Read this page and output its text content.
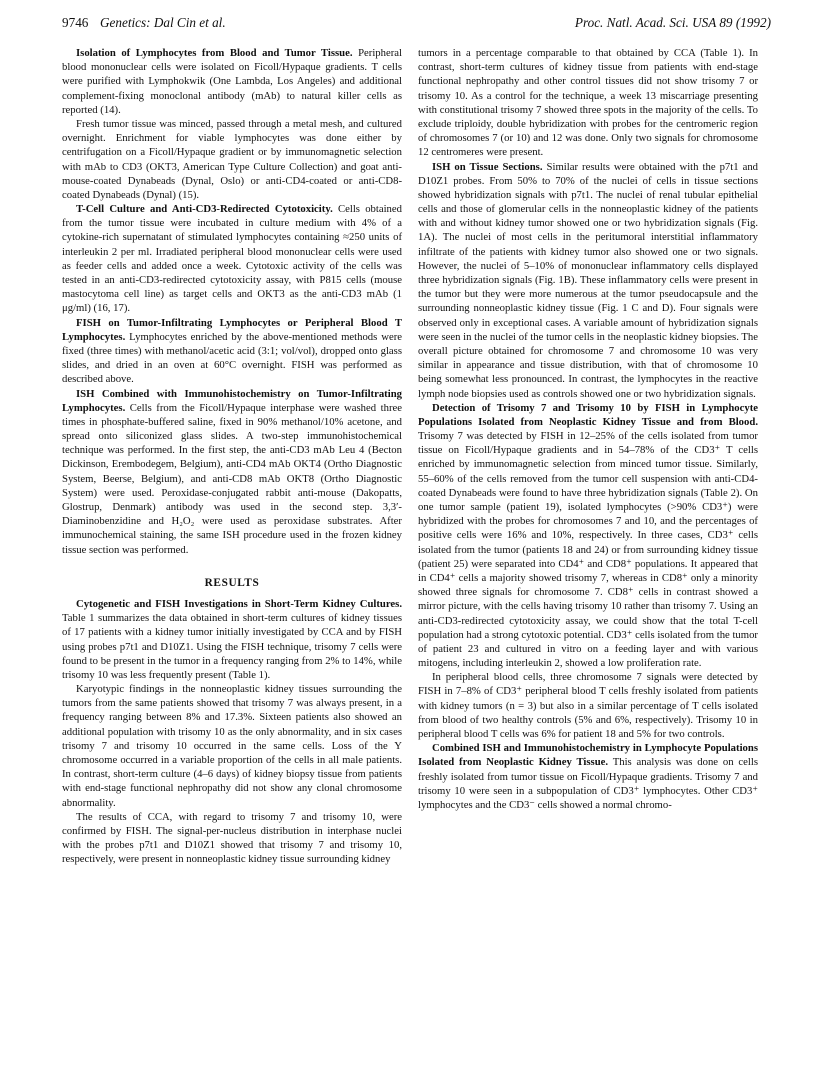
9746 Genetics: Dal Cin et al.	Proc. Natl. Acad. Sci. USA 89 (1992)

Isolation of Lymphocytes from Blood and Tumor Tissue. Peripheral blood mononuclear cells were isolated on Ficoll/Hypaque gradients. T cells were purified with Lymphokwik (One Lambda, Los Angeles) and additional complement-fixing monoclonal antibody (mAb) to natural killer cells as reported (14).

Fresh tumor tissue was minced, passed through a metal mesh, and cultured overnight. Enrichment for viable lymphocytes was done either by centrifugation on a Ficoll/Hypaque gradient or by immunomagnetic selection with mAb to CD3 (OKT3, American Type Culture Collection) and goat anti-mouse-coated Dynabeads (Dynal, Oslo) or anti-CD4-coated or anti-CD8-coated Dynabeads (Dynal) (15).

T-Cell Culture and Anti-CD3-Redirected Cytotoxicity. Cells obtained from the tumor tissue were incubated in culture medium with 4% of a cytokine-rich supernatant of stimulated lymphocytes containing ≈250 units of interleukin 2 per ml. Irradiated peripheral blood mononuclear cells were used as feeder cells and added once a week. Cytotoxic activity of the cells was tested in an anti-CD3-redirected cytotoxicity assay, with P815 cells (mouse mastocytoma cell line) as target cells and OKT3 as the anti-CD3 mAb (1 μg/ml) (16, 17).

FISH on Tumor-Infiltrating Lymphocytes or Peripheral Blood T Lymphocytes. Lymphocytes enriched by the above-mentioned methods were fixed (three times) with methanol/acetic acid (3:1; vol/vol), dropped onto glass slides, and dried in an oven at 60°C overnight. FISH was performed as described above.

ISH Combined with Immunohistochemistry on Tumor-Infiltrating Lymphocytes. Cells from the Ficoll/Hypaque interphase were washed three times in phosphate-buffered saline, fixed in 90% methanol/10% acetone, and spread onto siliconized glass slides. A two-step immunohistochemical technique was performed. In the first step, the anti-CD3 mAb Leu 4 (Becton Dickinson, Erembodegem, Belgium), anti-CD4 mAb OKT4 (Ortho Diagnostic System, Beerse, Belgium), and anti-CD8 mAb OKT8 (Ortho Diagnostic System) were used. Peroxidase-conjugated rabbit anti-mouse (Dakopatts, Glostrup, Denmark) antibody was used in the second step. 3,3′-Diaminobenzidine and H₂O₂ were used as peroxidase substrates. After immunochemical staining, the same ISH procedure used in the frozen kidney tissue section was performed.

RESULTS

Cytogenetic and FISH Investigations in Short-Term Kidney Cultures. Table 1 summarizes the data obtained in short-term cultures of kidney tissues of 17 patients with a kidney tumor initially investigated by CCA and by FISH using probes p7t1 and D10Z1. Using the FISH technique, trisomy 7 cells were found to be present in the tumor in a frequency ranging from 2% to 14%, while trisomy 10 was less frequently present (Table 1).

Karyotypic findings in the nonneoplastic kidney tissues surrounding the tumors from the same patients showed that trisomy 7 was always present, in a frequency ranging between 8% and 17.3%. Sixteen patients also showed an additional population with trisomy 10 as the only abnormality, and in six cases trisomy 7 and trisomy 10 occurred in the same cells. Loss of the Y chromosome occurred in a variable proportion of the cells in all male patients. In contrast, short-term culture (4–6 days) of kidney biopsy tissue from patients with end-stage functional nephropathy did not show any clonal chromosome abnormality.

The results of CCA, with regard to trisomy 7 and trisomy 10, were confirmed by FISH. The signal-per-nucleus distribution in interphase nuclei with the probes p7t1 and D10Z1 showed that trisomy 7 and trisomy 10, respectively, were present in nonneoplastic kidney tissue surrounding kidney

tumors in a percentage comparable to that obtained by CCA (Table 1). In contrast, short-term cultures of kidney tissue from patients with end-stage functional nephropathy and other control tissues did not show trisomy 7 or trisomy 10. As a control for the technique, a week 13 miscarriage presenting with constitutional trisomy 7 showed three spots in the majority of the cells. To exclude triploidy, double hybridization with probes for the centromeric region of chromosomes 7 (or 10) and 12 was done. Only two signals for chromosome 12 centromeres were present.

ISH on Tissue Sections. Similar results were obtained with the p7t1 and D10Z1 probes. From 50% to 70% of the nuclei of cells in tissue sections showed hybridization signals with p7t1. The nuclei of renal tubular epithelial cells and those of glomerular cells in the nonneoplastic kidney of the patients with and without kidney tumor showed one or two hybridization signals (Fig. 1A). The nuclei of most cells in the peritumoral interstitial inflammatory infiltrate of the patients with kidney tumor also showed one or two signals. However, the nuclei of 5–10% of mononuclear inflammatory cells displayed three hybridization signals (Fig. 1B). These inflammatory cells were present in the tumor but they were more numerous at the tumor pseudocapsule and the surrounding nonneoplastic kidney tissue (Fig. 1 C and D). Four signals were observed only in exceptional cases. A variable amount of hybridization signals were seen in the nuclei of the tumor cells in the neoplastic kidney biopsies. The overall picture obtained for chromosome 7 and chromosome 10 was very similar in appearance and tissue distribution, with that of chromosome 10 being somewhat less pronounced. In contrast, the lymphocytes in the reactive lymph node biopsies used as controls showed one or two hybridization signals.

Detection of Trisomy 7 and Trisomy 10 by FISH in Lymphocyte Populations Isolated from Neoplastic Kidney Tissue and from Blood. Trisomy 7 was detected by FISH in 12–25% of the cells isolated from tumor tissue on Ficoll/Hypaque gradients and in 54–78% of the CD3⁺ T cells enriched by immunomagnetic selection from minced tumor tissue. Similarly, 55–60% of the cells removed from the tumor cell suspension with anti-CD4-coated Dynabeads were found to have three hybridization signals (Table 2). On one tumor sample (patient 19), isolated lymphocytes (>90% CD3⁺) were hybridized with the probes for chromosomes 7 and 10, and the percentages of positive cells were 16% and 10%, respectively. In three cases, CD3⁺ cells isolated from the tumor (patients 18 and 24) or from surrounding kidney tissue (patient 25) were separated into CD4⁺ and CD8⁺ populations. It appeared that in CD4⁺ cells a majority showed trisomy 7, whereas in CD8⁺ only a minority showed three signals for chromosome 7. CD8⁺ cells in contrast showed a mirror picture, with the cells having trisomy 10 rather than trisomy 7. Using an anti-CD3-redirected cytotoxicity assay, we could show that the total T-cell population had a strong cytotoxic potential. CD3⁺ cells isolated from the tumor of patient 23 and cultured in vitro on a feeding layer and with various mitogens, including interleukin 2, showed a low proliferation rate.

In peripheral blood cells, three chromosome 7 signals were detected by FISH in 7–8% of CD3⁺ peripheral blood T cells freshly isolated from patients with kidney tumors (n = 3) but also in a similar percentage of T cells isolated from blood of two healthy controls (5% and 6%, respectively). Trisomy 10 in peripheral blood T cells was 6% for patient 18 and 5% for two controls.

Combined ISH and Immunohistochemistry in Lymphocyte Populations Isolated from Neoplastic Kidney Tissue. This analysis was done on cells freshly isolated from tumor tissue on Ficoll/Hypaque gradients. Trisomy 7 and trisomy 10 were seen in a subpopulation of CD3⁺ lymphocytes. Other CD3⁺ lymphocytes and the CD3⁻ cells showed a normal chromo-
